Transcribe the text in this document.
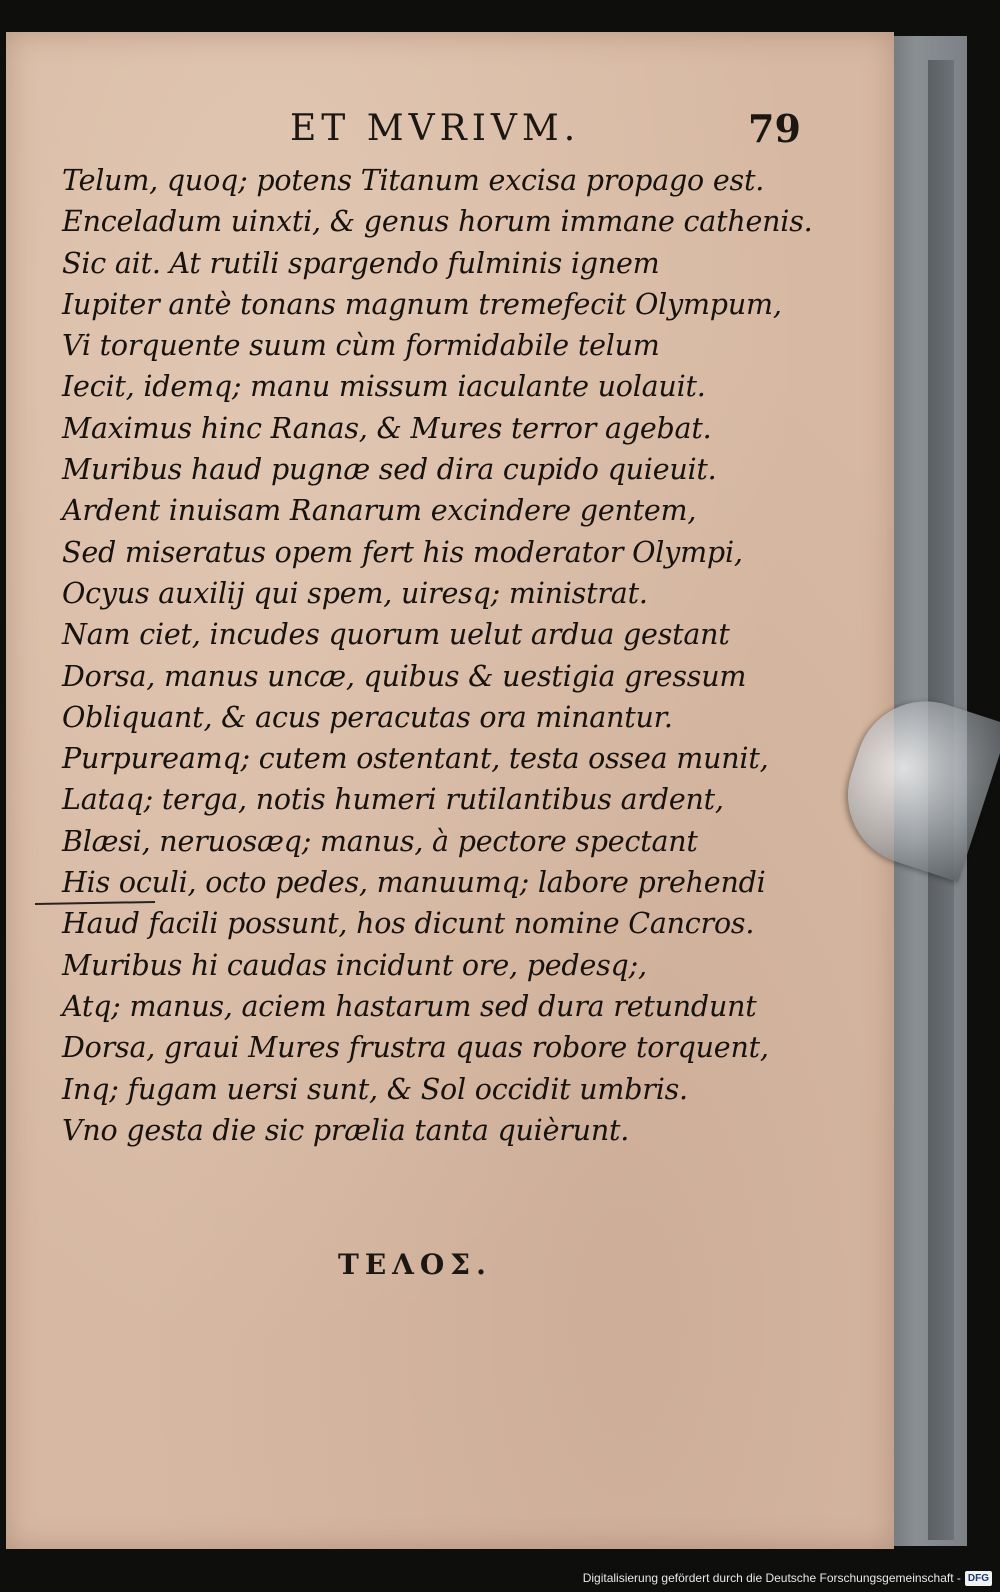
ET MVRIVM.	79
Telum, quoq; potens Titanum excisa propago est.
Enceladum uinxti, & genus horum immane cathenis.
Sic ait. At rutili spargendo fulminis ignem
Iupiter antè tonans magnum tremefecit Olympum,
Vi torquente suum cùm formidabile telum
Iecit, idemq; manu missum iaculante uolauit.
Maximus hinc Ranas, & Mures terror agebat.
Muribus haud pugnæ sed dira cupido quieuit.
Ardent inuisam Ranarum excindere gentem,
Sed miseratus opem fert his moderator Olympi,
Ocyus auxilij qui spem, uiresq; ministrat.
Nam ciet, incudes quorum uelut ardua gestant
Dorsa, manus uncæ, quibus & uestigia gressum
Obliquant, & acus peracutas ora minantur.
Purpureamq; cutem ostentant, testa ossea munit,
Lataq; terga, notis humeri rutilantibus ardent,
Blæsi, neruosæq; manus, à pectore spectant
His oculi, octo pedes, manuumq; labore prehendi
Haud facili possunt, hos dicunt nomine Cancros.
Muribus hi caudas incidunt ore, pedesq;,
Atq; manus, aciem hastarum sed dura retundunt
Dorsa, graui Mures frustra quas robore torquent,
Inq; fugam uersi sunt, & Sol occidit umbris.
Vno gesta die sic prælia tanta quièrunt.
ΤΕΛΟΣ.
Digitalisierung gefördert durch die Deutsche Forschungsgemeinschaft - DFG
